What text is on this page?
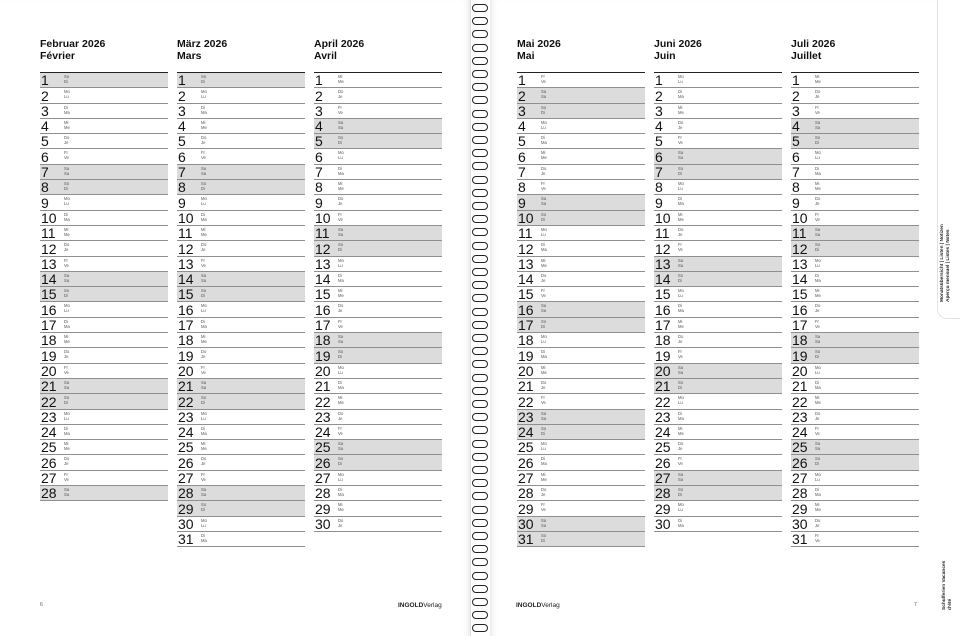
6	INGOLDVerlag	INGOLDVerlag	7
Monatsübersicht | Listen | Notizen Aperçu mensuel | Listes | Notes
Schulferien Vacances d’été
Februar 2026
Février
1	So
Di
2	Mo
Lu
3	Di
Ma
4	Mi
Me
5	Do
Je
6	Fr
Ve
7	Sa
Sa
8	So
Di
9	Mo
Lu
10 Di
Ma
11 Mi
Me
12 Do
Je
13 Fr
Ve
14 Sa
Sa
15 So
Di
16 Mo
Lu
17 Di
Ma
18 Mi
Me
19 Do
Je
20 Fr
Ve
21 Sa
Sa
22 So
Di
23 Mo
Lu
24 Di
Ma
25 Mi
Me
26 Do
Je
27 Fr
Ve
28 Sa
Sa
März 2026
Mars
1	So
Di
2	Mo
Lu
3	Di
Ma
4	Mi
Me
5	Do
Je
6	Fr
Ve
7	Sa
Sa
8	So
Di
9	Mo
Lu
10 Di
Ma
11 Mi
Me
12 Do
Je
13 Fr
Ve
14 Sa
Sa
15 So
Di
16 Mo
Lu
17 Di
Ma
18 Mi
Me
19 Do
Je
20 Fr
Ve
21 Sa
Sa
22 So
Di
23 Mo
Lu
24 Di
Ma
25 Mi
Me
26 Do
Je
27 Fr
Ve
28 Sa
Sa
29 So
Di
30 Mo
Lu
31 Di
Ma
April 2026
Avril
1	Mi
Me
2	Do
Je
3	Fr
Ve
4	Sa
Sa
5	So
Di
6	Mo
Lu
7	Di
Ma
8	Mi
Me
9	Do
Je
10 Fr
Ve
11 Sa
Sa
12 So
Di
13 Mo
Lu
14 Di
Ma
15 Mi
Me
16 Do
Je
17 Fr
Ve
18 Sa
Sa
19 So
Di
20 Mo
Lu
21 Di
Ma
22 Mi
Me
23 Do
Je
24 Fr
Ve
25 Sa
Sa
26 So
Di
27 Mo
Lu
28 Di
Ma
29 Mi
Me
30 Do
Je
Mai 2026
Mai
1	Fr
Ve
2	Sa
Sa
3	So
Di
4	Mo
Lu
5	Di
Ma
6	Mi
Me
7	Do
Je
8	Fr
Ve
9	Sa
Sa
10 So
Di
11 Mo
Lu
12 Di
Ma
13 Mi
Me
14 Do
Je
15 Fr
Ve
16 Sa
Sa
17 So
Di
18 Mo
Lu
19 Di
Ma
20 Mi
Me
21 Do
Je
22 Fr
Ve
23 Sa
Sa
24 So
Di
25 Mo
Lu
26 Di
Ma
27 Mi
Me
28 Do
Je
29 Fr
Ve
30 Sa
Sa
31 So
Di
Juni 2026
Juin
1	Mo
Lu
2	Di
Ma
3	Mi
Me
4	Do
Je
5	Fr
Ve
6	Sa
Sa
7	So
Di
8	Mo
Lu
9	Di
Ma
10 Mi
Me
11 Do
Je
12 Fr
Ve
13 Sa
Sa
14 So
Di
15 Mo
Lu
16 Di
Ma
17 Mi
Me
18 Do
Je
19 Fr
Ve
20 Sa
Sa
21 So
Di
22 Mo
Lu
23 Di
Ma
24 Mi
Me
25 Do
Je
26 Fr
Ve
27 Sa
Sa
28 So
Di
29 Mo
Lu
30 Di
Ma
Juli 2026
Juillet
1	Mi
Me
2	Do
Je
3	Fr
Ve
4	Sa
Sa
5	So
Di
6	Mo
Lu
7	Di
Ma
8	Mi
Me
9	Do
Je
10 Fr
Ve
11 Sa
Sa
12 So
Di
13 Mo
Lu
14 Di
Ma
15 Mi
Me
16 Do
Je
17 Fr
Ve
18 Sa
Sa
19 So
Di
20 Mo
Lu
21 Di
Ma
22 Mi
Me
23 Do
Je
24 Fr
Ve
25 Sa
Sa
26 So
Di
27 Mo
Lu
28 Di
Ma
29 Mi
Me
30 Do
Je
31 Fr
Ve
